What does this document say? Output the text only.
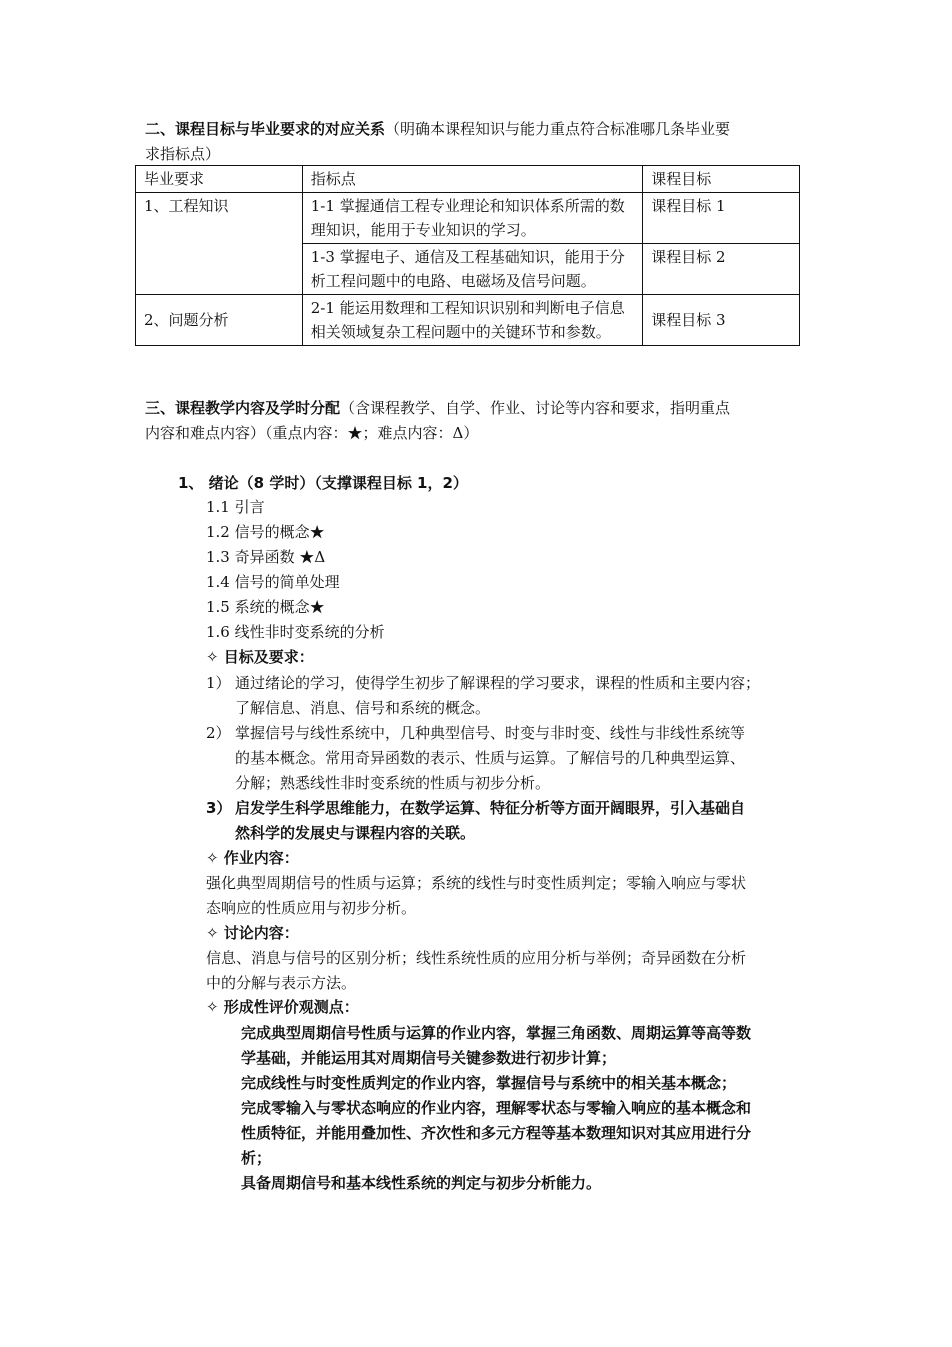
二、课程目标与毕业要求的对应关系（明确本课程知识与能力重点符合标准哪几条毕业要
求指标点）
毕业要求	指标点	课程目标
1、工程知识	1-1 掌握通信工程专业理论和知识体系所需的数理知识，能用于专业知识的学习。	课程目标 1
	1-3 掌握电子、通信及工程基础知识，能用于分析工程问题中的电路、电磁场及信号问题。	课程目标 2
2、问题分析	2-1 能运用数理和工程知识识别和判断电子信息相关领域复杂工程问题中的关键环节和参数。	课程目标 3
三、课程教学内容及学时分配（含课程教学、自学、作业、讨论等内容和要求，指明重点
内容和难点内容）（重点内容：★；难点内容：Δ）
1、 绪论（8 学时）（支撑课程目标 1，2）
1.1 引言
1.2 信号的概念★
1.3 奇异函数 ★Δ
1.4 信号的简单处理
1.5 系统的概念★
1.6 线性非时变系统的分析
✧ 目标及要求：
1） 通过绪论的学习，使得学生初步了解课程的学习要求，课程的性质和主要内容；
了解信息、消息、信号和系统的概念。
2） 掌握信号与线性系统中，几种典型信号、时变与非时变、线性与非线性系统等
的基本概念。常用奇异函数的表示、性质与运算。了解信号的几种典型运算、
分解；熟悉线性非时变系统的性质与初步分析。
3） 启发学生科学思维能力，在数学运算、特征分析等方面开阔眼界，引入基础自
然科学的发展史与课程内容的关联。
✧ 作业内容：
强化典型周期信号的性质与运算；系统的线性与时变性质判定；零输入响应与零状
态响应的性质应用与初步分析。
✧ 讨论内容：
信息、消息与信号的区别分析；线性系统性质的应用分析与举例；奇异函数在分析
中的分解与表示方法。
✧ 形成性评价观测点：
完成典型周期信号性质与运算的作业内容，掌握三角函数、周期运算等高等数
学基础，并能运用其对周期信号关键参数进行初步计算；
完成线性与时变性质判定的作业内容，掌握信号与系统中的相关基本概念；
完成零输入与零状态响应的作业内容，理解零状态与零输入响应的基本概念和
性质特征，并能用叠加性、齐次性和多元方程等基本数理知识对其应用进行分
析；
具备周期信号和基本线性系统的判定与初步分析能力。
